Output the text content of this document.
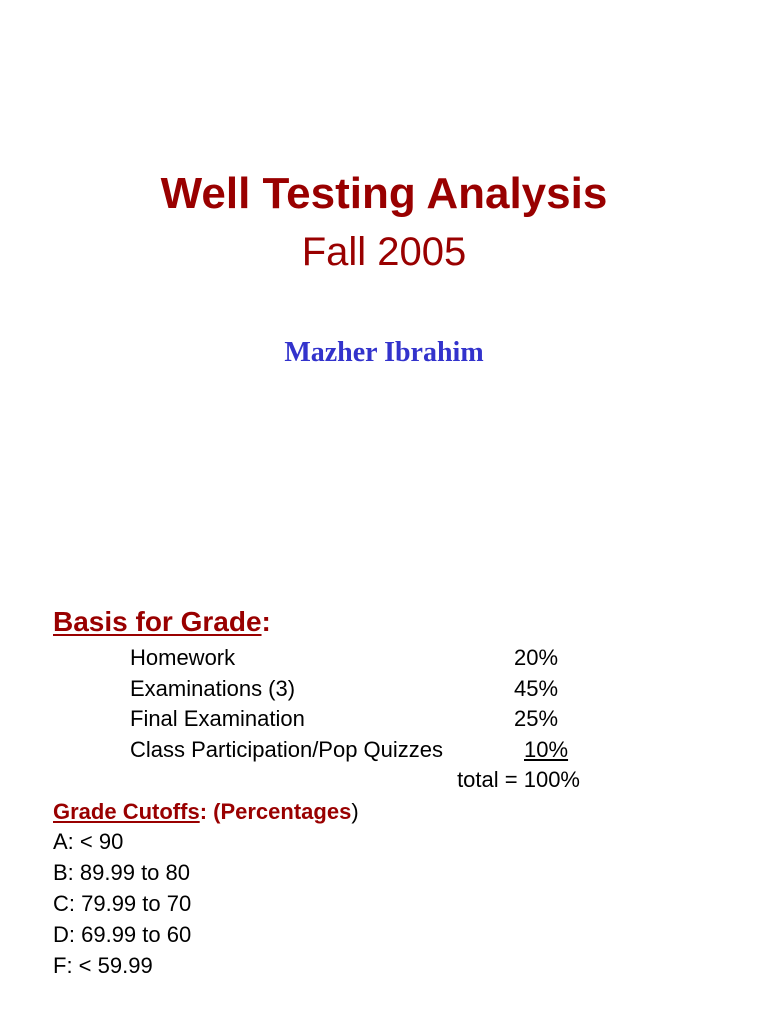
Well Testing Analysis
Fall 2005
Mazher Ibrahim
Basis for Grade:
Homework	20%
Examinations (3)	45%
Final Examination	25%
Class Participation/Pop Quizzes	10%
total = 100%
Grade Cutoffs: (Percentages)
A: < 90
B: 89.99 to 80
C: 79.99 to 70
D: 69.99 to 60
F: < 59.99
